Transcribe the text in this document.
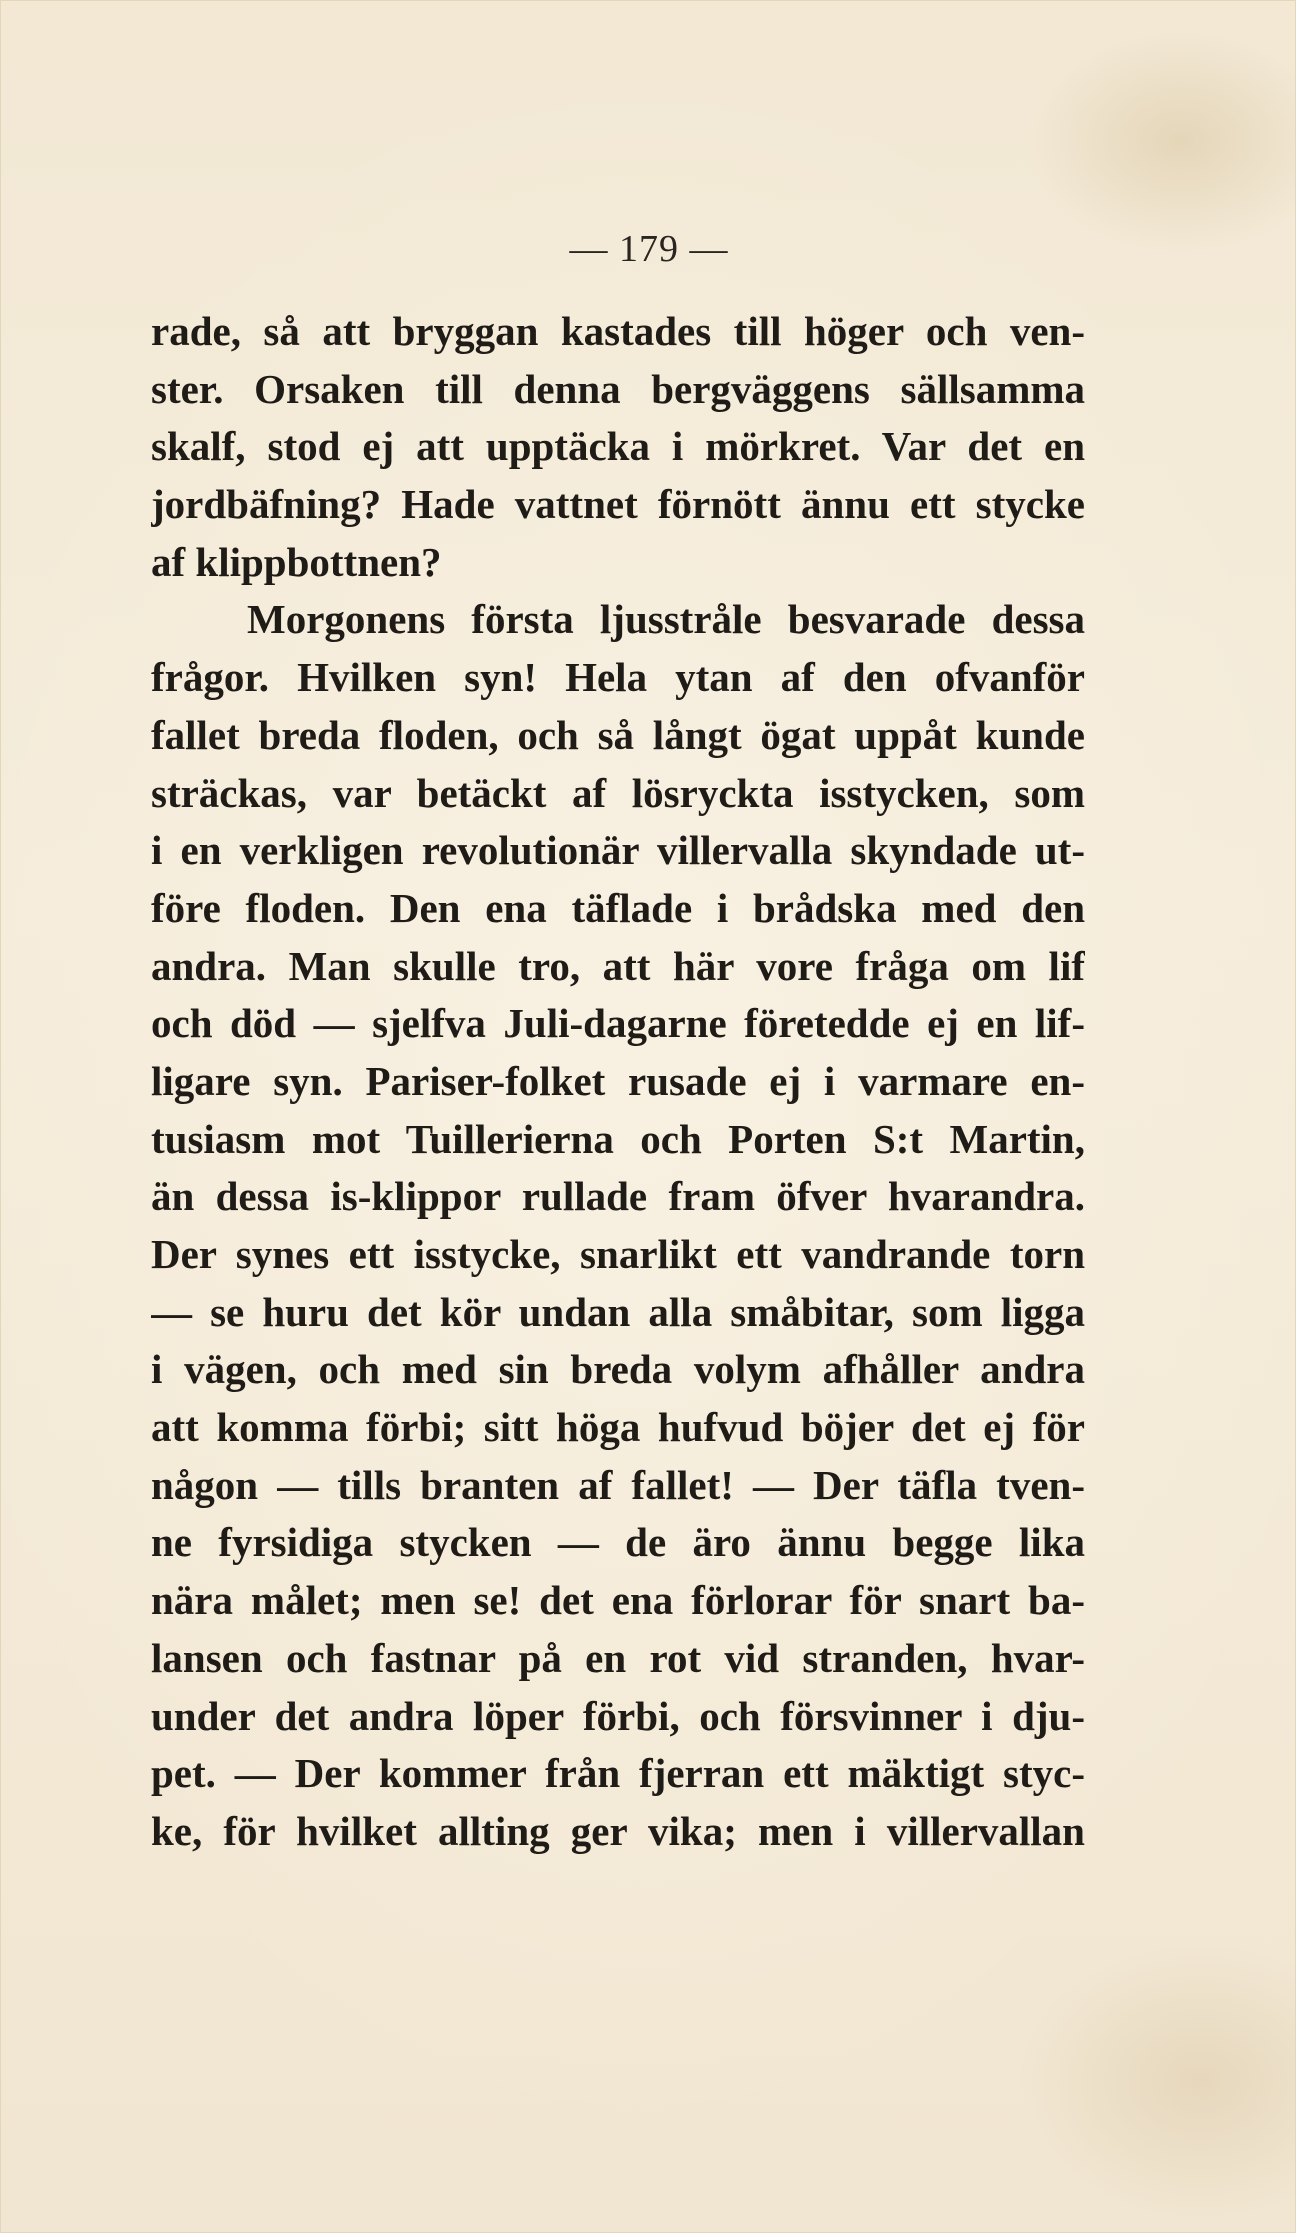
— 179 —
rade, så att bryggan kastades till höger och ven-
ster. Orsaken till denna bergväggens sällsamma
skalf, stod ej att upptäcka i mörkret. Var det en
jordbäfning? Hade vattnet förnött ännu ett stycke
af klippbottnen?
Morgonens första ljusstråle besvarade dessa
frågor. Hvilken syn! Hela ytan af den ofvanför
fallet breda floden, och så långt ögat uppåt kunde
sträckas, var betäckt af lösryckta isstycken, som
i en verkligen revolutionär villervalla skyndade ut-
före floden. Den ena täflade i brådska med den
andra. Man skulle tro, att här vore fråga om lif
och död — sjelfva Juli-dagarne företedde ej en lif-
ligare syn. Pariser-folket rusade ej i varmare en-
tusiasm mot Tuillerierna och Porten S:t Martin,
än dessa is-klippor rullade fram öfver hvarandra.
Der synes ett isstycke, snarlikt ett vandrande torn
— se huru det kör undan alla småbitar, som ligga
i vägen, och med sin breda volym afhåller andra
att komma förbi; sitt höga hufvud böjer det ej för
någon — tills branten af fallet! — Der täfla tven-
ne fyrsidiga stycken — de äro ännu begge lika
nära målet; men se! det ena förlorar för snart ba-
lansen och fastnar på en rot vid stranden, hvar-
under det andra löper förbi, och försvinner i dju-
pet. — Der kommer från fjerran ett mäktigt styc-
ke, för hvilket allting ger vika; men i villervallan
